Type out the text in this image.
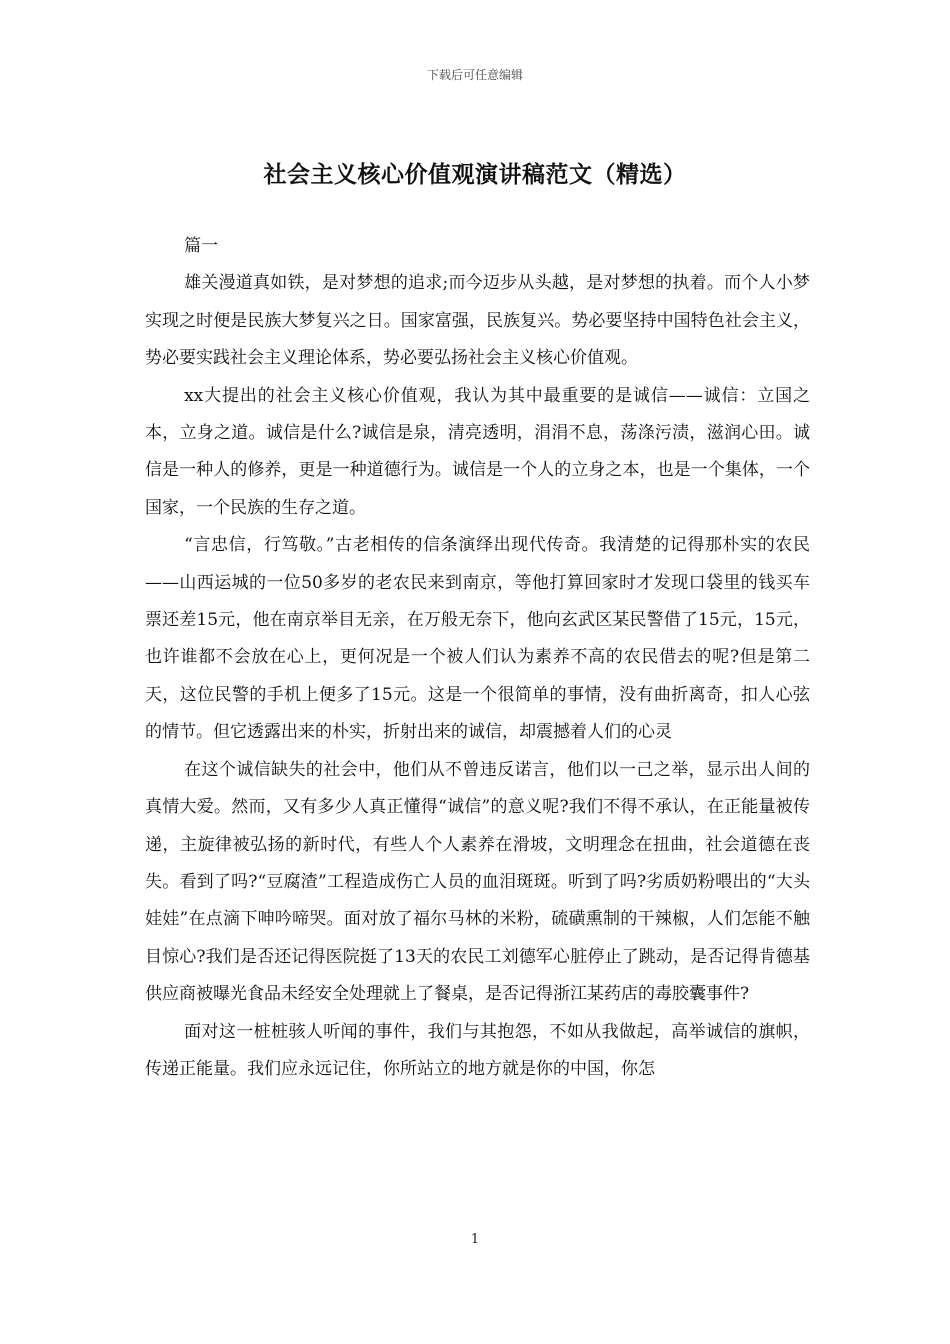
下载后可任意编辑
社会主义核心价值观演讲稿范文（精选）

篇一

雄关漫道真如铁，是对梦想的追求;而今迈步从头越，是对梦想的执着。而个人小梦实现之时便是民族大梦复兴之日。国家富强，民族复兴。势必要坚持中国特色社会主义，势必要实践社会主义理论体系，势必要弘扬社会主义核心价值观。

xx大提出的社会主义核心价值观，我认为其中最重要的是诚信——诚信：立国之本，立身之道。诚信是什么?诚信是泉，清亮透明，涓涓不息，荡涤污渍，滋润心田。诚信是一种人的修养，更是一种道德行为。诚信是一个人的立身之本，也是一个集体，一个国家，一个民族的生存之道。

“言忠信，行笃敬。”古老相传的信条演绎出现代传奇。我清楚的记得那朴实的农民——山西运城的一位50多岁的老农民来到南京，等他打算回家时才发现口袋里的钱买车票还差15元，他在南京举目无亲，在万般无奈下，他向玄武区某民警借了15元，15元，也许谁都不会放在心上，更何况是一个被人们认为素养不高的农民借去的呢?但是第二天，这位民警的手机上便多了15元。这是一个很简单的事情，没有曲折离奇，扣人心弦的情节。但它透露出来的朴实，折射出来的诚信，却震撼着人们的心灵

在这个诚信缺失的社会中，他们从不曾违反诺言，他们以一己之举，显示出人间的真情大爱。然而，又有多少人真正懂得“诚信”的意义呢?我们不得不承认，在正能量被传递，主旋律被弘扬的新时代，有些人个人素养在滑坡，文明理念在扭曲，社会道德在丧失。看到了吗?“豆腐渣”工程造成伤亡人员的血泪斑斑。听到了吗?劣质奶粉喂出的“大头娃娃”在点滴下呻吟啼哭。面对放了福尔马林的米粉，硫磺熏制的干辣椒，人们怎能不触目惊心?我们是否还记得医院挺了13天的农民工刘德军心脏停止了跳动，是否记得肯德基供应商被曝光食品未经安全处理就上了餐桌，是否记得浙江某药店的毒胶囊事件?

面对这一桩桩骇人听闻的事件，我们与其抱怨，不如从我做起，高举诚信的旗帜，传递正能量。我们应永远记住，你所站立的地方就是你的中国，你怎

1
